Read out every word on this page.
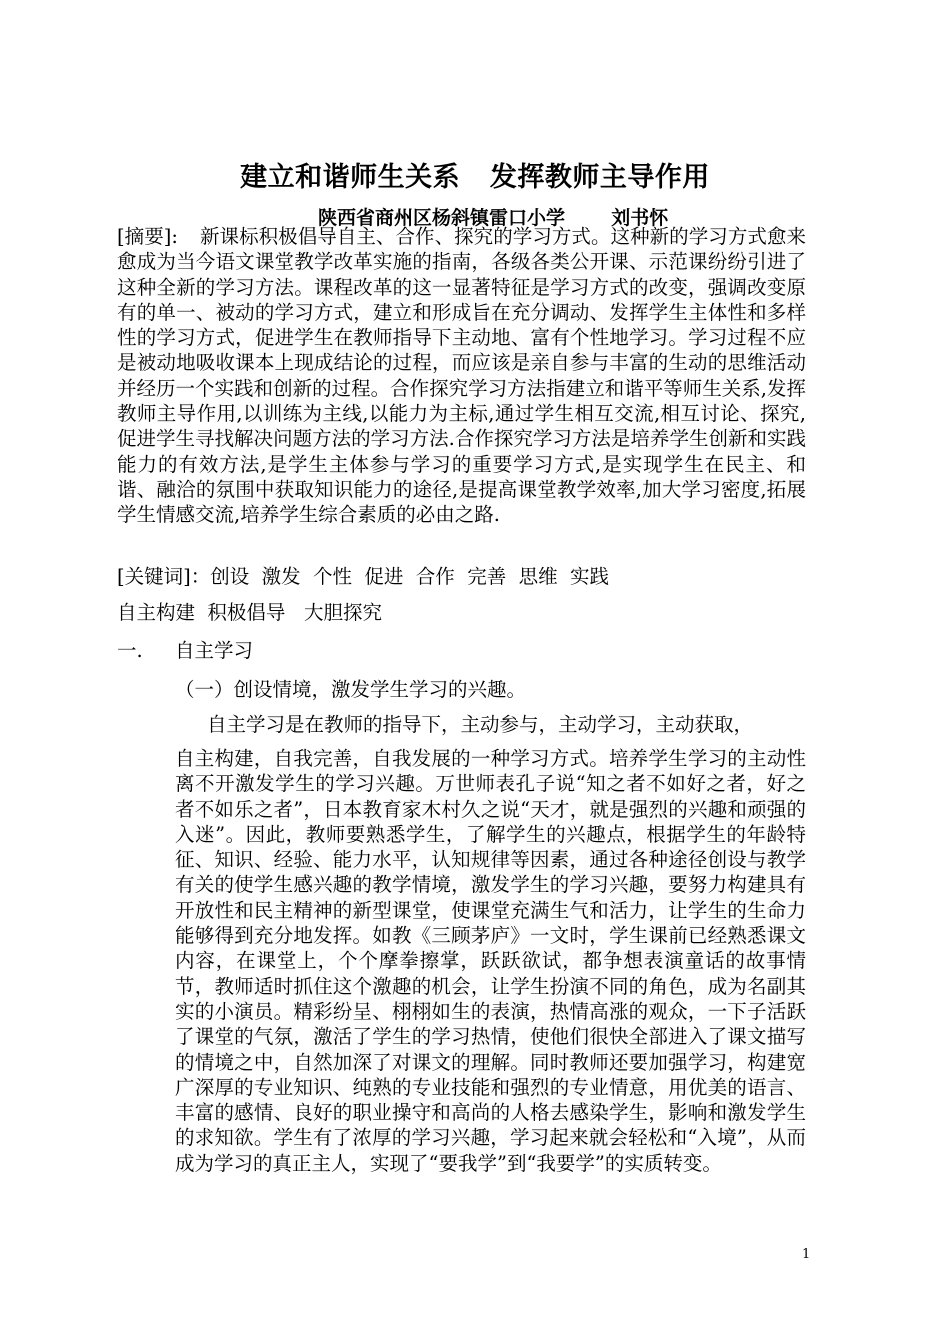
建立和谐师生关系   发挥教师主导作用
陕西省商州区杨斜镇雷口小学       刘书怀
[摘要]: 新课标积极倡导自主、合作、探究的学习方式。这种新的学习方式愈来愈成为当今语文课堂教学改革实施的指南，各级各类公开课、示范课纷纷引进了这种全新的学习方法。课程改革的这一显著特征是学习方式的改变，强调改变原有的单一、被动的学习方式，建立和形成旨在充分调动、发挥学生主体性和多样性的学习方式，促进学生在教师指导下主动地、富有个性地学习。学习过程不应是被动地吸收课本上现成结论的过程，而应该是亲自参与丰富的生动的思维活动并经历一个实践和创新的过程。合作探究学习方法指建立和谐平等师生关系,发挥教师主导作用,以训练为主线,以能力为主标,通过学生相互交流,相互讨论、探究,促进学生寻找解决问题方法的学习方法.合作探究学习方法是培养学生创新和实践能力的有效方法,是学生主体参与学习的重要学习方式,是实现学生在民主、和谐、融洽的氛围中获取知识能力的途径,是提高课堂教学效率,加大学习密度,拓展学生情感交流,培养学生综合素质的必由之路.
[关键词]：创设  激发  个性  促进  合作  完善  思维  实践
自主构建  积极倡导   大胆探究
一. 自主学习
（一）创设情境，激发学生学习的兴趣。
自主学习是在教师的指导下，主动参与，主动学习，主动获取，
自主构建，自我完善，自我发展的一种学习方式。培养学生学习的主动性离不开激发学生的学习兴趣。万世师表孔子说“知之者不如好之者，好之者不如乐之者”，日本教育家木村久之说“天才，就是强烈的兴趣和顽强的入迷”。因此，教师要熟悉学生，了解学生的兴趣点，根据学生的年龄特征、知识、经验、能力水平，认知规律等因素，通过各种途径创设与教学有关的使学生感兴趣的教学情境，激发学生的学习兴趣，要努力构建具有开放性和民主精神的新型课堂，使课堂充满生气和活力，让学生的生命力能够得到充分地发挥。如教《三顾茅庐》一文时，学生课前已经熟悉课文内容，在课堂上，个个摩拳擦掌，跃跃欲试，都争想表演童话的故事情节，教师适时抓住这个激趣的机会，让学生扮演不同的角色，成为名副其实的小演员。精彩纷呈、栩栩如生的表演，热情高涨的观众，一下子活跃了课堂的气氛，激活了学生的学习热情，使他们很快全部进入了课文描写的情境之中，自然加深了对课文的理解。同时教师还要加强学习，构建宽广深厚的专业知识、纯熟的专业技能和强烈的专业情意，用优美的语言、丰富的感情、良好的职业操守和高尚的人格去感染学生，影响和激发学生的求知欲。学生有了浓厚的学习兴趣，学习起来就会轻松和“入境”，从而成为学习的真正主人，实现了“要我学”到“我要学”的实质转变。
1
